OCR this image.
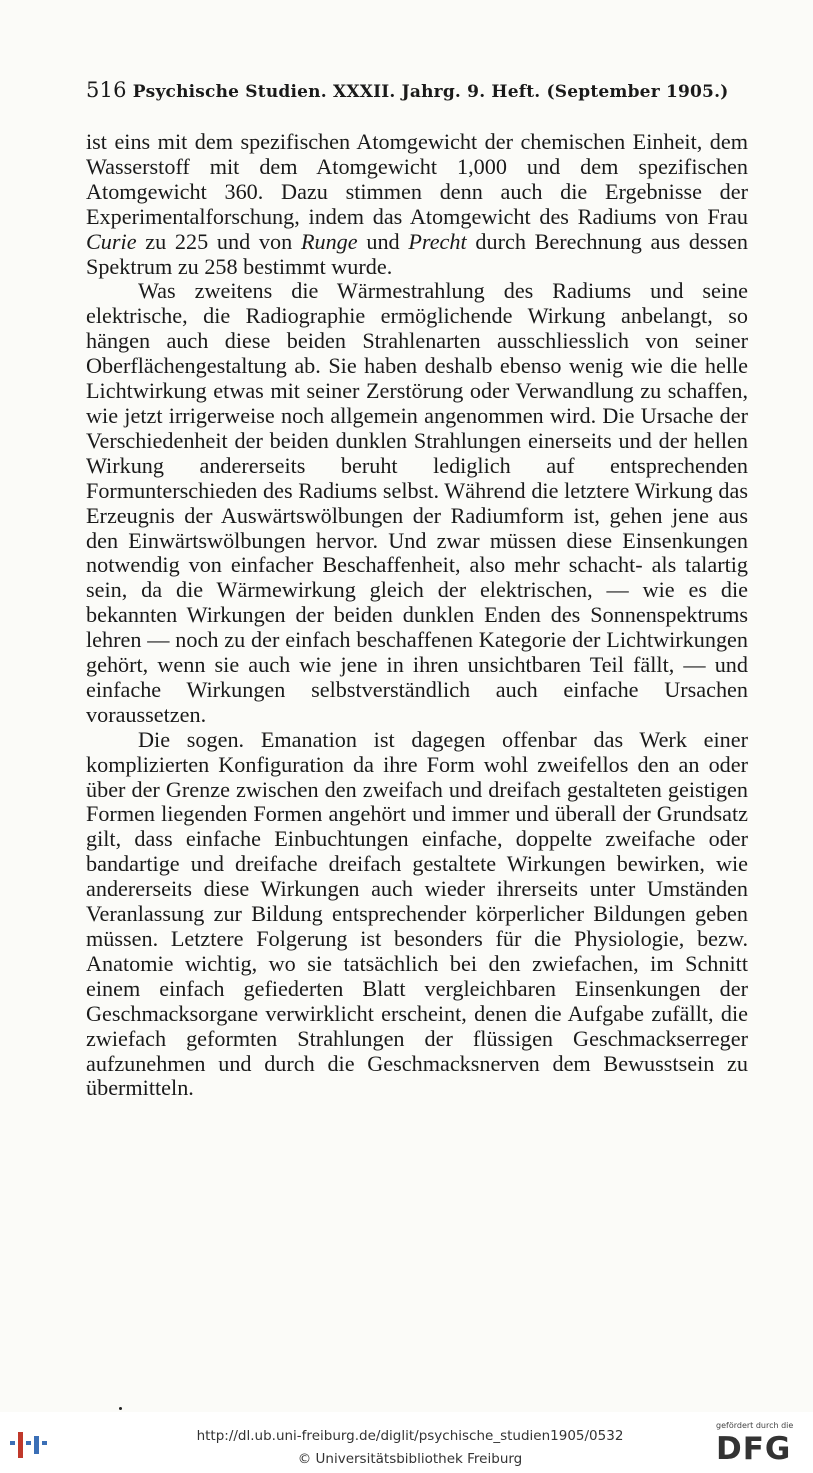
516 Psychische Studien. XXXII. Jahrg. 9. Heft. (September 1905.)

ist eins mit dem spezifischen Atomgewicht der chemischen Einheit, dem Wasserstoff mit dem Atomgewicht 1,000 und dem spezifischen Atomgewicht 360. Dazu stimmen denn auch die Ergebnisse der Experimentalforschung, indem das Atomgewicht des Radiums von Frau Curie zu 225 und von Runge und Precht durch Berechnung aus dessen Spektrum zu 258 bestimmt wurde.

Was zweitens die Wärmestrahlung des Radiums und seine elektrische, die Radiographie ermöglichende Wirkung anbelangt, so hängen auch diese beiden Strahlenarten ausschliesslich von seiner Oberflächengestaltung ab. Sie haben deshalb ebenso wenig wie die helle Lichtwirkung etwas mit seiner Zerstörung oder Verwandlung zu schaffen, wie jetzt irrigerweise noch allgemein angenommen wird. Die Ursache der Verschiedenheit der beiden dunklen Strahlungen einerseits und der hellen Wirkung andererseits beruht lediglich auf entsprechenden Formunterschieden des Radiums selbst. Während die letztere Wirkung das Erzeugnis der Auswärtswölbungen der Radiumform ist, gehen jene aus den Einwärtswölbungen hervor. Und zwar müssen diese Einsenkungen notwendig von einfacher Beschaffenheit, also mehr schacht- als talartig sein, da die Wärmewirkung gleich der elektrischen, — wie es die bekannten Wirkungen der beiden dunklen Enden des Sonnenspektrums lehren — noch zu der einfach beschaffenen Kategorie der Lichtwirkungen gehört, wenn sie auch wie jene in ihren unsichtbaren Teil fällt, — und einfache Wirkungen selbstverständlich auch einfache Ursachen voraussetzen.

Die sogen. Emanation ist dagegen offenbar das Werk einer komplizierten Konfiguration da ihre Form wohl zweifellos den an oder über der Grenze zwischen den zweifach und dreifach gestalteten geistigen Formen liegenden Formen angehört und immer und überall der Grundsatz gilt, dass einfache Einbuchtungen einfache, doppelte zweifache oder bandartige und dreifache dreifach gestaltete Wirkungen bewirken, wie andererseits diese Wirkungen auch wieder ihrerseits unter Umständen Veranlassung zur Bildung entsprechender körperlicher Bildungen geben müssen. Letztere Folgerung ist besonders für die Physiologie, bezw. Anatomie wichtig, wo sie tatsächlich bei den zwiefachen, im Schnitt einem einfach gefiederten Blatt vergleichbaren Einsenkungen der Geschmacksorgane verwirklicht erscheint, denen die Aufgabe zufällt, die zwiefach geformten Strahlungen der flüssigen Geschmackserreger aufzunehmen und durch die Geschmacksnerven dem Bewusstsein zu übermitteln.

http://dl.ub.uni-freiburg.de/diglit/psychische_studien1905/0532
© Universitätsbibliothek Freiburg
gefördert durch die
DFG
